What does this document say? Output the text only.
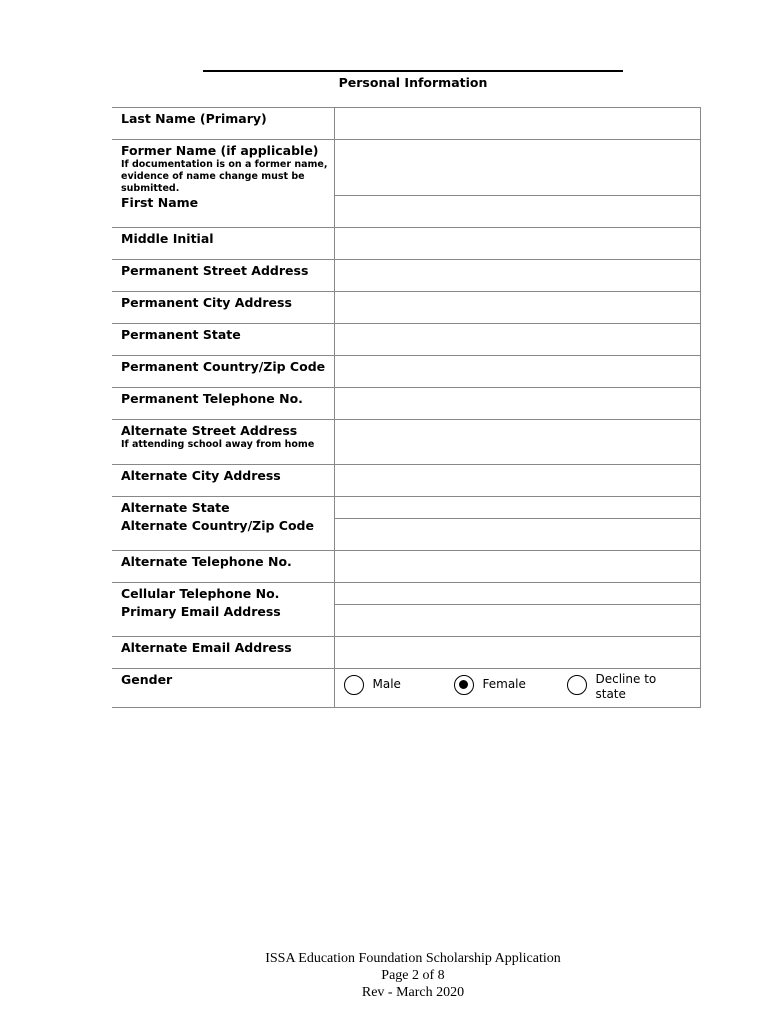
Personal Information
Last Name (Primary)	
Former Name (if applicable)
If documentation is on a former name, evidence of name change must be submitted.	

First Name	
Middle Initial	
Permanent Street Address	
Permanent City Address	
Permanent State	
Permanent Country/Zip Code	
Permanent Telephone No.	
Alternate Street Address
If attending school away from home	

Alternate City Address	
Alternate State	
Alternate Country/Zip Code	
Alternate Telephone No.	
Cellular Telephone No.	
Primary Email Address	
Alternate Email Address	
Gender	Male Female Decline to state
ISSA Education Foundation Scholarship Application
Page 2 of 8
Rev - March 2020
